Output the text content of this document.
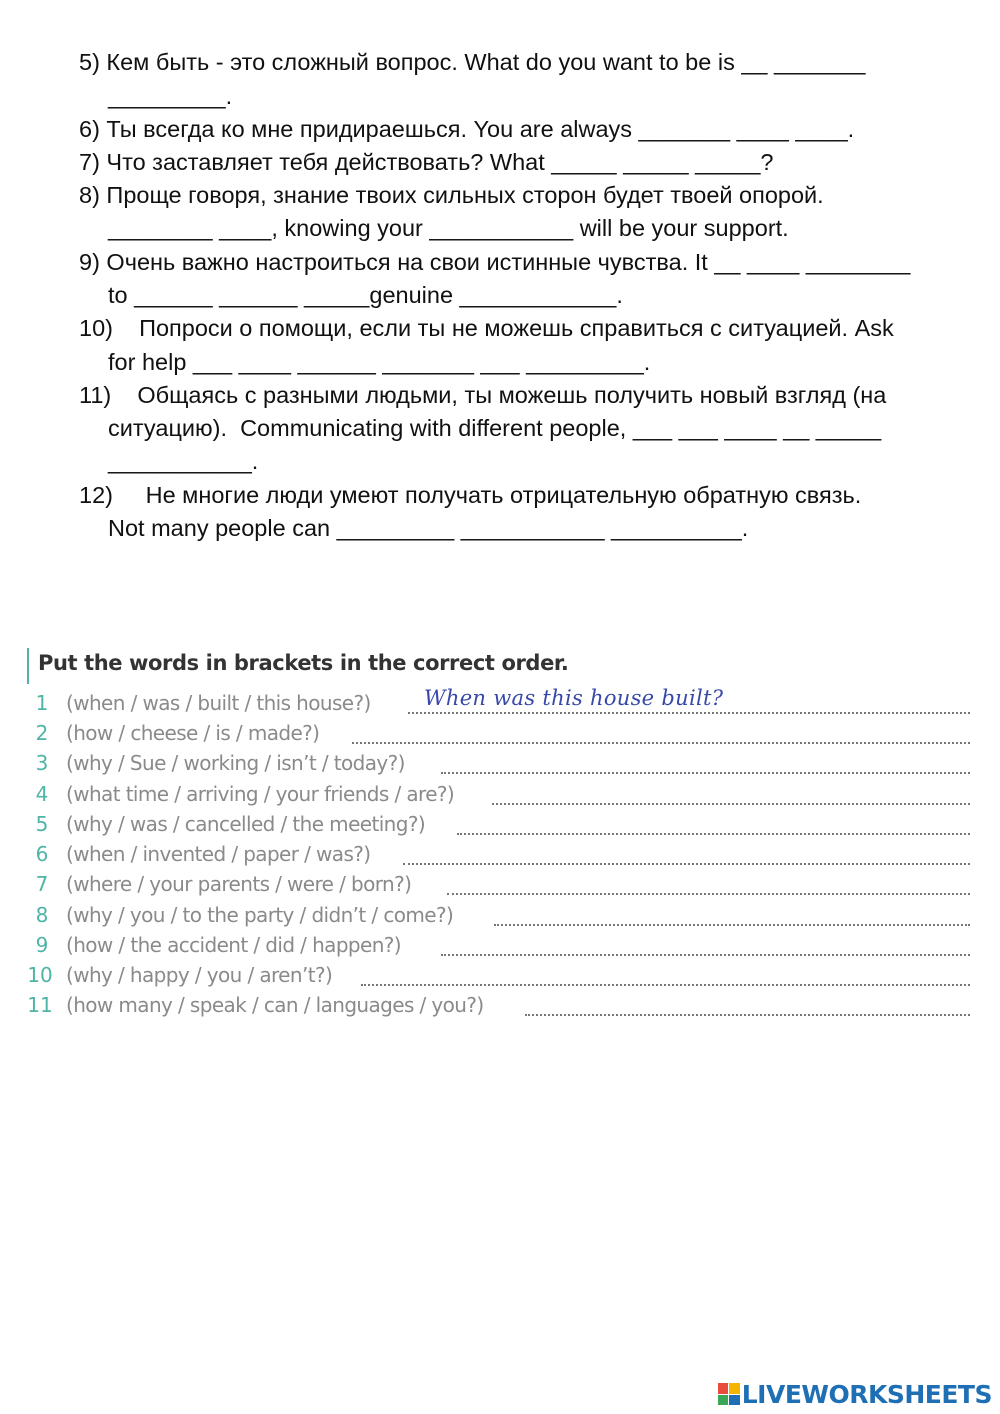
5) Кем быть - это сложный вопрос. What do you want to be is __ _______
_________.
6) Ты всегда ко мне придираешься. You are always _______ ____ ____.
7) Что заставляет тебя действовать? What _____ _____ _____?
8) Проще говоря, знание твоих сильных сторон будет твоей опорой.
________ ____, knowing your ___________ will be your support.
9) Очень важно настроиться на свои истинные чувства. It __ ____ ________
to ______ ______ _____genuine ____________.
10)    Попроси о помощи, если ты не можешь справиться с ситуацией. Ask
for help ___ ____ ______ _______ ___ _________.
11)    Общаясь с разными людьми, ты можешь получить новый взгляд (на
ситуацию).  Communicating with different people, ___ ___ ____ __ _____
___________.
12)     Не многие люди умеют получать отрицательную обратную связь.
Not many people can _________ ___________ __________.
Put the words in brackets in the correct order.
1 (when / was / built / this house?)	When was this house built?
2 (how / cheese / is / made?)
3 (why / Sue / working / isn’t / today?)
4 (what time / arriving / your friends / are?)
5 (why / was / cancelled / the meeting?)
6 (when / invented / paper / was?)
7 (where / your parents / were / born?)
8 (why / you / to the party / didn’t / come?)
9 (how / the accident / did / happen?)
10 (why / happy / you / aren’t?)
11 (how many / speak / can / languages / you?)
LIVEWORKSHEETS
